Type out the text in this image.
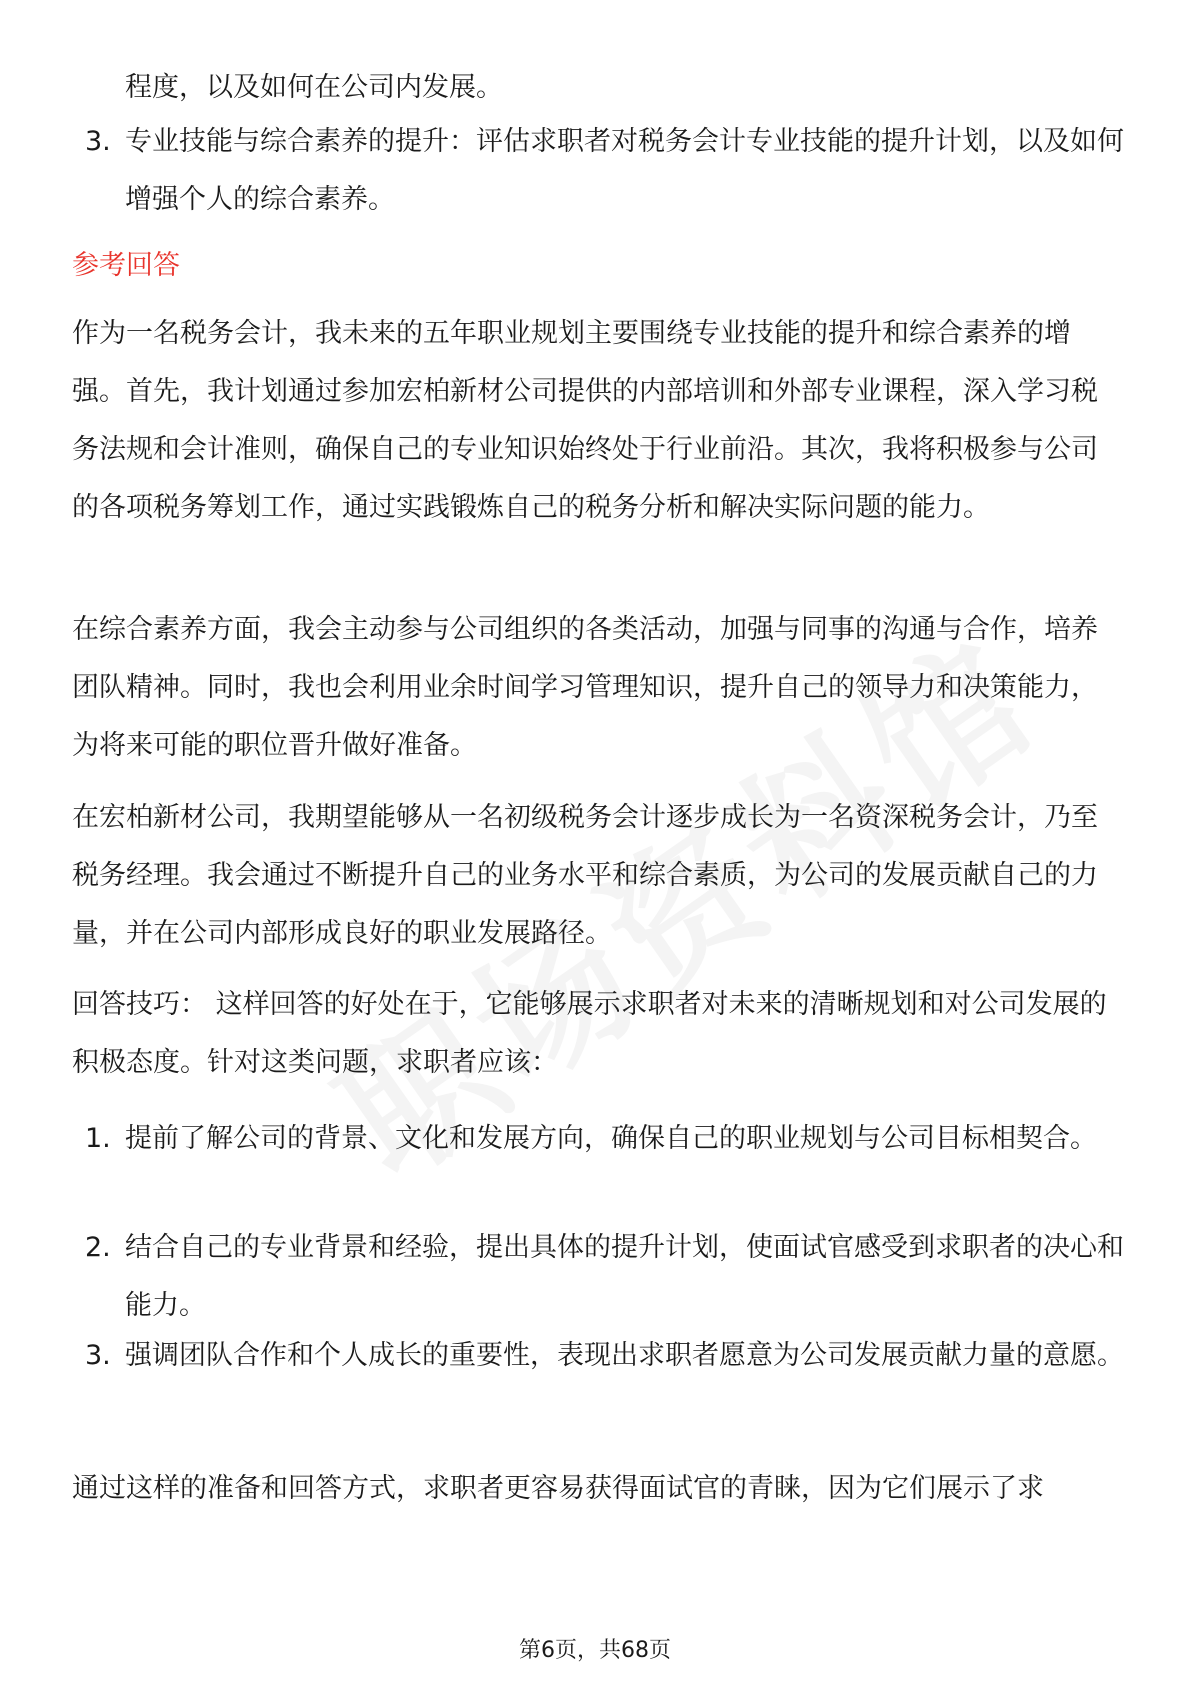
程度，以及如何在公司内发展。

3. 专业技能与综合素养的提升：评估求职者对税务会计专业技能的提升计划，以及如何增强个人的综合素养。

参考回答

作为一名税务会计，我未来的五年职业规划主要围绕专业技能的提升和综合素养的增强。首先，我计划通过参加宏柏新材公司提供的内部培训和外部专业课程，深入学习税务法规和会计准则，确保自己的专业知识始终处于行业前沿。其次，我将积极参与公司的各项税务筹划工作，通过实践锻炼自己的税务分析和解决实际问题的能力。

在综合素养方面，我会主动参与公司组织的各类活动，加强与同事的沟通与合作，培养团队精神。同时，我也会利用业余时间学习管理知识，提升自己的领导力和决策能力，为将来可能的职位晋升做好准备。

在宏柏新材公司，我期望能够从一名初级税务会计逐步成长为一名资深税务会计，乃至税务经理。我会通过不断提升自己的业务水平和综合素质，为公司的发展贡献自己的力量，并在公司内部形成良好的职业发展路径。

回答技巧： 这样回答的好处在于，它能够展示求职者对未来的清晰规划和对公司发展的积极态度。针对这类问题，求职者应该：

1. 提前了解公司的背景、文化和发展方向，确保自己的职业规划与公司目标相契合。
2. 结合自己的专业背景和经验，提出具体的提升计划，使面试官感受到求职者的决心和能力。
3. 强调团队合作和个人成长的重要性，表现出求职者愿意为公司发展贡献力量的意愿。

通过这样的准备和回答方式，求职者更容易获得面试官的青睐，因为它们展示了求

第6页，共68页
